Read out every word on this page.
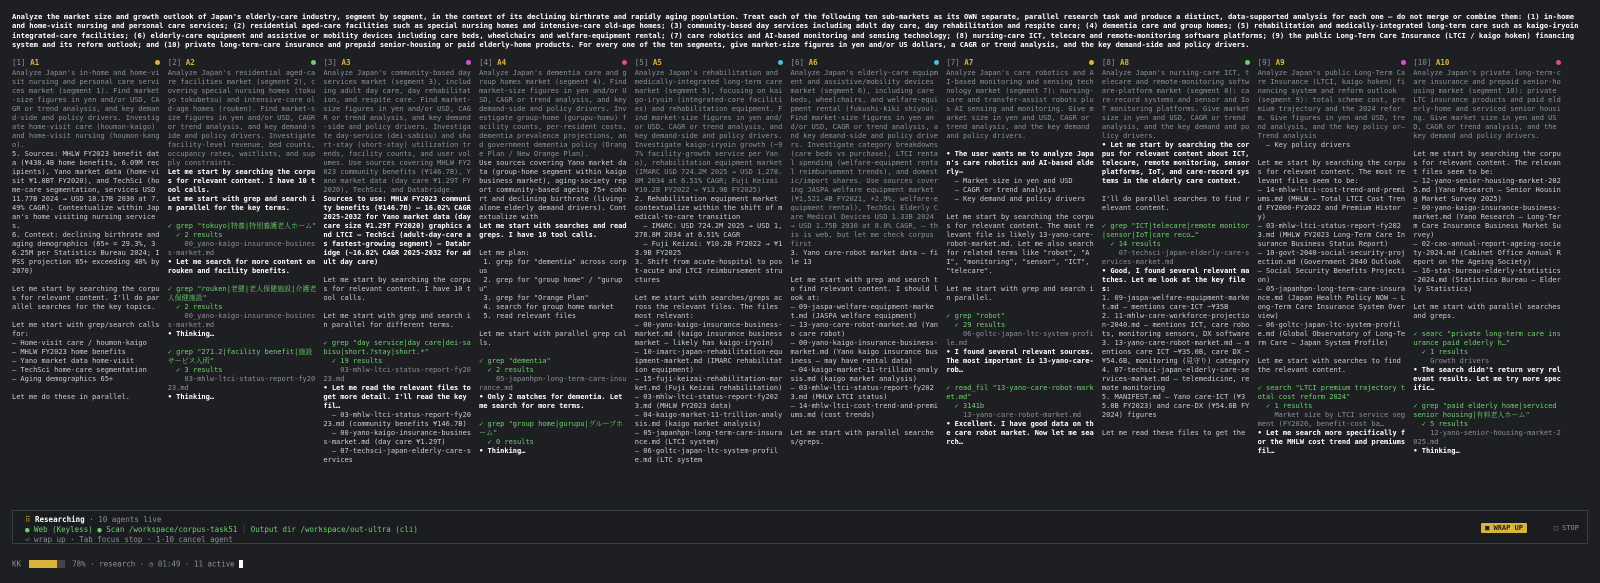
Analyze the market size and growth outlook of Japan's elderly-care industry, segment by segment, in the context of its declining birthrate and rapidly aging population. Treat each of the following ten sub-markets as its OWN separate, parallel research task and produce a distinct, data-supported analysis for each one — do not merge or combine them: (1) in-home and home-visit nursing and personal care services; (2) residential aged-care facilities such as special nursing homes and intensive-care old-age homes; (3) community-based day services including adult day care, day rehabilitation and respite care; (4) dementia care and group homes; (5) rehabilitation and medically-integrated long-term care such as kaigo-iryoin integrated-care facilities; (6) elderly-care equipment and assistive or mobility devices including care beds, wheelchairs and welfare-equipment rental; (7) care robotics and AI-based monitoring and sensing technology; (8) nursing-care ICT, telecare and remote-monitoring software platforms; (9) the public Long-Term Care Insurance (LTCI / kaigo hoken) financing system and its reform outlook; and (10) private long-term-care insurance and prepaid senior-housing or paid elderly-home products. For every one of the ten segments, give market-size figures in yen and/or US dollars, a CAGR or trend analysis, and the key demand-side and policy drivers.
[1] A1
Analyze Japan's in-home and home-visit nursing and personal care services market (segment 1). Find market-size figures in yen and/or USD, CAGR or trend analysis, and key demand-side and policy drivers. Investigate home-visit care (houmon-kaigo) and home-visit nursing (houmon-kango).
5. Sources: MHLW FY2023 benefit data (¥438.4B home benefits, 6.09M recipients), Yano market data (home-visit ¥1.0BT FY2020), and TechSci (home-care segmentation, services USD 11.77B 2024 → USD 18.17B 2030 at 7.49% CAGR). Contextualize within Japan's home visiting nursing services.
6. Context: declining birthrate and aging demographics (65+ = 29.3%, 36.25M per Statistics Bureau 2024; IPSS projection 65+ exceeding 40% by 2070)
Let me start by searching the corpus for relevant content. I'll do parallel searches for the key topics.
Let me start with grep/search calls for:
– Home-visit care / houmon-kaigo
– MHLW FY2023 home benefits
– Yano market data home-visit
– TechSci home-care segmentation
– Aging demographics 65+
Let me do these in parallel.
[2] A2
Analyze Japan's residential aged-care facilities market (segment 2), covering special nursing homes (tokuyo tokubetsu) and intensive-care old-age homes (rouken). Find market-size figures in yen and/or USD, CAGR or trend analysis, and key demand-side and policy drivers. Investigate facility-level revenue, bed counts, occupancy rates, waitlists, and supply constraints.
Let me start by searching the corpus for relevant content. I have 10 tool calls.
Let me start with grep and search in parallel for the key terms.
✓ grep "tokuyo|特養|特別養護老人ホーム"
✓ 2 results
00_yano-kaigo-insurance-business-market.md
• Let me search for more content on rouken and facility benefits.
✓ grep "rouken|老健|老人保健施設|介護老人保健施設"
✓ 2 results
00_yano-kaigo-insurance-business-market.md
• Thinking…
✓ grep "271.2|facility benefit|施設サービス入所"
✓ 3 results
03-mhlw-ltci-status-report-fy2023.md
• Thinking…
[3] A3
Analyze Japan's community-based day services market (segment 3), including adult day care, day rehabilitation, and respite care. Find market-size figures in yen and/or USD, CAGR or trend analysis, and key demand-side and policy drivers. Investigate day-service (dei-sabisu) and short-stay (short-stay) utilization trends, facility counts, and user volumes. Use sources covering MHLW FY2023 community benefits (¥146.7B), Yano market data (day care ¥1.29T FY2020), TechSci, and Databridge.
Sources to use: MHLW FY2023 community benefits (¥146.7B) — 16.02% CAGR 2025-2032 for Yano market data (day care size ¥1.29T FY2020) graphics and LTCI — TechSci (adult-day-care as fastest-growing segment) — Databridge (~16.02% CAGR 2025-2032 for adult day care)
Let me start by searching the corpus for relevant content. I have 10 tool calls.
Let me start with grep and search in parallel for different terms.
✓ grep "day service|day care|dei-sabisu|short.?stay|short.*"
✓ 19 results
03-mhlw-ltci-status-report-fy2023.md
• Let me read the relevant files to get more detail. I'll read the key fil…
– 03-mhlw-ltci-status-report-fy2023.md (community benefits ¥146.7B)
– 00-yano-kaigo-insurance-business-market.md (day care ¥1.29T)
– 07-techsci-japan-elderly-care-services
[4] A4
Analyze Japan's dementia care and group homes market (segment 4). Find market-size figures in yen and/or USD, CAGR or trend analysis, and key demand-side and policy drivers. Investigate group-home (gurupu-homu) facility counts, per-resident costs, dementia prevalence projections, and government dementia policy (Orange Plan / New Orange Plan).
Use sources covering Yano market data (group-home segment within kaigo business market), aging-society report community-based ageing 75+ cohort and declining birthrate (living-alone elderly demand drivers). Contextualize with
Let me start with searches and read greps. I have 10 tool calls.
Let me plan:
1. grep for "dementia" across corpus
2. grep for "group home" / "gurupu"
3. grep for "Orange Plan"
4. search for group home market
5. read relevant files
Let me start with parallel grep calls.
✓ grep "dementia"
✓ 2 results
05-japanhpn-long-term-care-insurance.md
• Only 2 matches for dementia. Let me search for more terms.
✓ grep "group home|gurupu|グループホーム"
✓ 0 results
• Thinking…
[5] A5
Analyze Japan's rehabilitation and medically-integrated long-term care market (segment 5), focusing on kaigo-iryoin (integrated-care facilities) and rehabilitation equipment. Find market-size figures in yen and/or USD, CAGR or trend analysis, and key demand-side and policy drivers. Investigate kaigo-iryoin growth (~97% facility-growth service per Yano), rehabilitation equipment market (IMARC USD 724.2M 2025 → USD 1,278.8M 2034 at 6.51% CAGR; Fuji Keizai ¥10.2B FY2022 → ¥13.9B FY2025)
2. Rehabilitation equipment market contextualize within the shift of medical-to-care transition
– IMARC: USD 724.2M 2025 → USD 1,278.8M 2034 at 6.51% CAGR
– Fuji Keizai: ¥10.2B FY2022 → ¥13.9B FY2025
3. Shift from acute-hospital to post-acute and LTCI reimbursement structures
Let me start with searches/greps across the relevant files. The files most relevant:
– 00-yano-kaigo-insurance-business-market.md (kaigo insurance business market – likely has kaigo-iryoin)
– 10-imarc-japan-rehabilitation-equipment-market.md (IMARC rehabilitation equipment)
– 15-fuji-keizai-rehabilitation-market.md (Fuji Keizai rehabilitation)
– 03-mhlw-ltci-status-report-fy2023.md (MHLW FY2023 data)
– 04-kaigo-market-11-trillion-analysis.md (kaigo market analysis)
– 05-japanhpn-long-term-care-insurance.md (LTCI system)
– 06-goltc-japan-ltc-system-profile.md (LTC system
[6] A6
Analyze Japan's elderly-care equipment and assistive/mobility devices market (segment 6), including care beds, wheelchairs, and welfare-equipment rental (fukushi-kiki shiyou). Find market-size figures in yen and/or USD, CAGR or trend analysis, and key demand-side and policy drivers. Investigate category breakdowns (care beds vs purchase), LTCI rental spending (welfare-equipment rental reimbursement trends), and domestic/import shares. Use sources covering JASPA welfare equipment market (¥1,521.4B FY2021, +2.9%, welfare-equipment rental), TechSci Elderly Care Medical Devices USD 1.33B 2024 → USD 1.75B 2030 at 8.0% CAGR, – this is web, but let me check corpus first
3. Yano care-robot market data – file 13
Let me start with grep and search to find relevant content. I should look at:
– 09-jaspa-welfare-equipment-market.md (JASPA welfare equipment)
– 13-yano-care-robot-market.md (Yano care robot)
– 00-yano-kaigo-insurance-business-market.md (Yano kaigo insurance business – may have rental data)
– 04-kaigo-market-11-trillion-analysis.md (kaigo market analysis)
– 03-mhlw-ltci-status-report-fy2023.md (MHLW LTCI status)
– 14-mhlw-ltci-cost-trend-and-premiums.md (cost trends)
Let me start with parallel searches/greps.
[7] A7
Analyze Japan's care robotics and AI-based monitoring and sensing technology market (segment 7): nursing-care and transfer-assist robots plus AI sensing and monitoring. Give market size in yen and USD, CAGR or trend analysis, and the key demand and policy drivers.
• The user wants me to analyze Japan's care robotics and AI-based elderly–
– Market size in yen and USD
– CAGR or trend analysis
– Key demand and policy drivers
Let me start by searching the corpus for relevant content. The most relevant file is likely 13-yano-care-robot-market.md. Let me also search for related terms like "robot", "AI", "monitoring", "sensor", "ICT", "telecare".
Let me start with grep and search in parallel.
✓ grep "robot"
✓ 29 results
06-goltc-japan-ltc-system-profile.md
• I found several relevant sources. The most important is 13-yano-care-rob…
✓ read_fil "13-yano-care-robot-market.md"
✓ 3141b
13-yano-care-robot-market.md
• Excellent. I have good data on the care robot market. Now let me search…
[8] A8
Analyze Japan's nursing-care ICT, telecare and remote-monitoring software-platform market (segment 8): care-record systems and sensor and IoT monitoring platforms. Give market size in yen and USD, CAGR or trend analysis, and the key demand and policy drivers.
• Let me start by searching the corpus for relevant content about ICT, telecare, remote monitoring, sensor platforms, IoT, and care-record systems in the elderly care context.
I'll do parallel searches to find relevant content.
✓ grep "ICT|telecare|remote monitor|sensor|IoT|care reco…"
✓ 14 results
07-techsci-japan-elderly-care-services-market.md
• Good, I found several relevant matches. Let me look at the key files:
1. 09-jaspa-welfare-equipment-market.md – mentions care-ICT ~¥35B
2. 11-mhlw-care-workforce-projection-2040.md – mentions ICT, care robots, monitoring sensors, DX software
3. 13-yano-care-robot-market.md – mentions care ICT ~¥35.0B, care DX ~¥54.6B, monitoring (見守り) category
4. 07-techsci-japan-elderly-care-services-market.md – telemedicine, remote monitoring
5. MANIFEST.md – Yano care-ICT (¥35.0B FY2023) and care-DX (¥54.6B FY2024) figures
Let me read these files to get the
[9] A9
Analyze Japan's public Long-Term Care Insurance (LTCI, kaigo hoken) financing system and reform outlook (segment 9): total scheme cost, premium trajectory and the 2024 reform. Give figures in yen and USD, trend analysis, and the key policy or– Trend analysis
– Key policy drivers
Let me start by searching the corpus for relevant content. The most relevant files seem to be:
– 14-mhlw-ltci-cost-trend-and-premiums.md (MHLW – Total LTCI Cost Trend FY2000-FY2022 and Premium History)
– 03-mhlw-ltci-status-report-fy2023.md (MHLW FY2023 Long-Term Care Insurance Business Status Report)
– 10-govt-2040-social-security-projection.md (Government 2040 Outlook – Social Security Benefits Projection)
– 05-japanhpn-long-term-care-insurance.md (Japan Health Policy NOW – Long-Term Care Insurance System Overview)
– 06-goltc-japan-ltc-system-profile.md (Global Observatory of Long-Term Care – Japan System Profile)
Let me start with searches to find the relevant content.
✓ search "LTCI premium trajectory total cost reform 2024"
✓ 1 results
Market size by LTCI service segment (FY2020, benefit-cost ba…
• Let me search more specifically for the MHLW cost trend and premiums fil…
[10] A10
Analyze Japan's private long-term-care insurance and prepaid senior-housing market (segment 10): private LTC insurance products and paid elderly-home and serviced senior housing. Give market size in yen and USD, CAGR or trend analysis, and the key demand and policy drivers.
Let me start by searching the corpus for relevant content. The relevant files seem to be:
– 12-yano-senior-housing-market-2025.md (Yano Research – Senior Housing Market Survey 2025)
– 00-yano-kaigo-insurance-business-market.md (Yano Research – Long-Term Care Insurance Business Market Survey)
– 02-cao-annual-report-ageing-society-2024.md (Cabinet Office Annual Report on the Ageing Society)
– 16-stat-bureau-elderly-statistics-2024.md (Statistics Bureau – Elderly Statistics)
Let me start with parallel searches and greps.
✓ searc "private long-term care insurance paid elderly h…"
✓ 1 results
Growth drivers
• The search didn't return very relevant results. Let me try more specific…
✓ grep "paid elderly home|serviced senior housing|有料老人ホーム"
✓ 5 results
12-yano-senior-housing-market-2025.md
• Thinking…
⠿ Researching · 10 agents live
● Web (Keyless) ● Scan /workspace/corpus-task51 │ Output dir /workspace/out-ultra (cli)
⏎ wrap up · Tab focus stop · 1-10 cancel agent
■ WRAP UP	□ STOP
KK	78% · research · ◷ 01:49 · 11 active
